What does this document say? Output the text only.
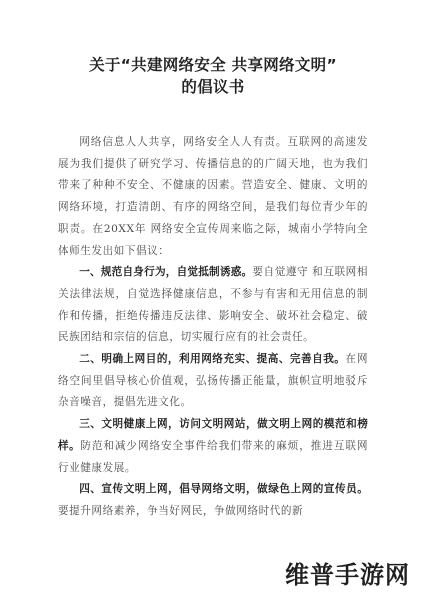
关于“共建网络安全 共享网络文明”
的倡议书

网络信息人人共享，网络安全人人有责。互联网的高速发展为我们提供了研究学习、传播信息的的广阔天地，也为我们带来了种种不安全、不健康的因素。营造安全、健康、文明的网络环境，打造清朗、有序的网络空间，是我们每位青少年的职责。在20XX年 网络安全宣传周来临之际，城南小学特向全体师生发出如下倡议：

一、规范自身行为，自觉抵制诱惑。要自觉遵守 和互联网相关法律法规，自觉选择健康信息，不参与有害和无用信息的制作和传播，拒绝传播违反法律、影响安全、破坏社会稳定、破民族团结和宗信的信息，切实履行应有的社会责任。

二、明确上网目的，利用网络充实、提高、完善自我。在网络空间里倡导核心价值观，弘扬传播正能量，旗帜宣明地驳斥杂音噪音，提倡先进文化。

三、文明健康上网，访问文明网站，做文明上网的模范和榜样。防范和减少网络安全事件给我们带来的麻烦，推进互联网行业健康发展。

四、宣传文明上网，倡导网络文明，做绿色上网的宣传员。要提升网络素养，争当好网民，争做网络时代的新

维普手游网
